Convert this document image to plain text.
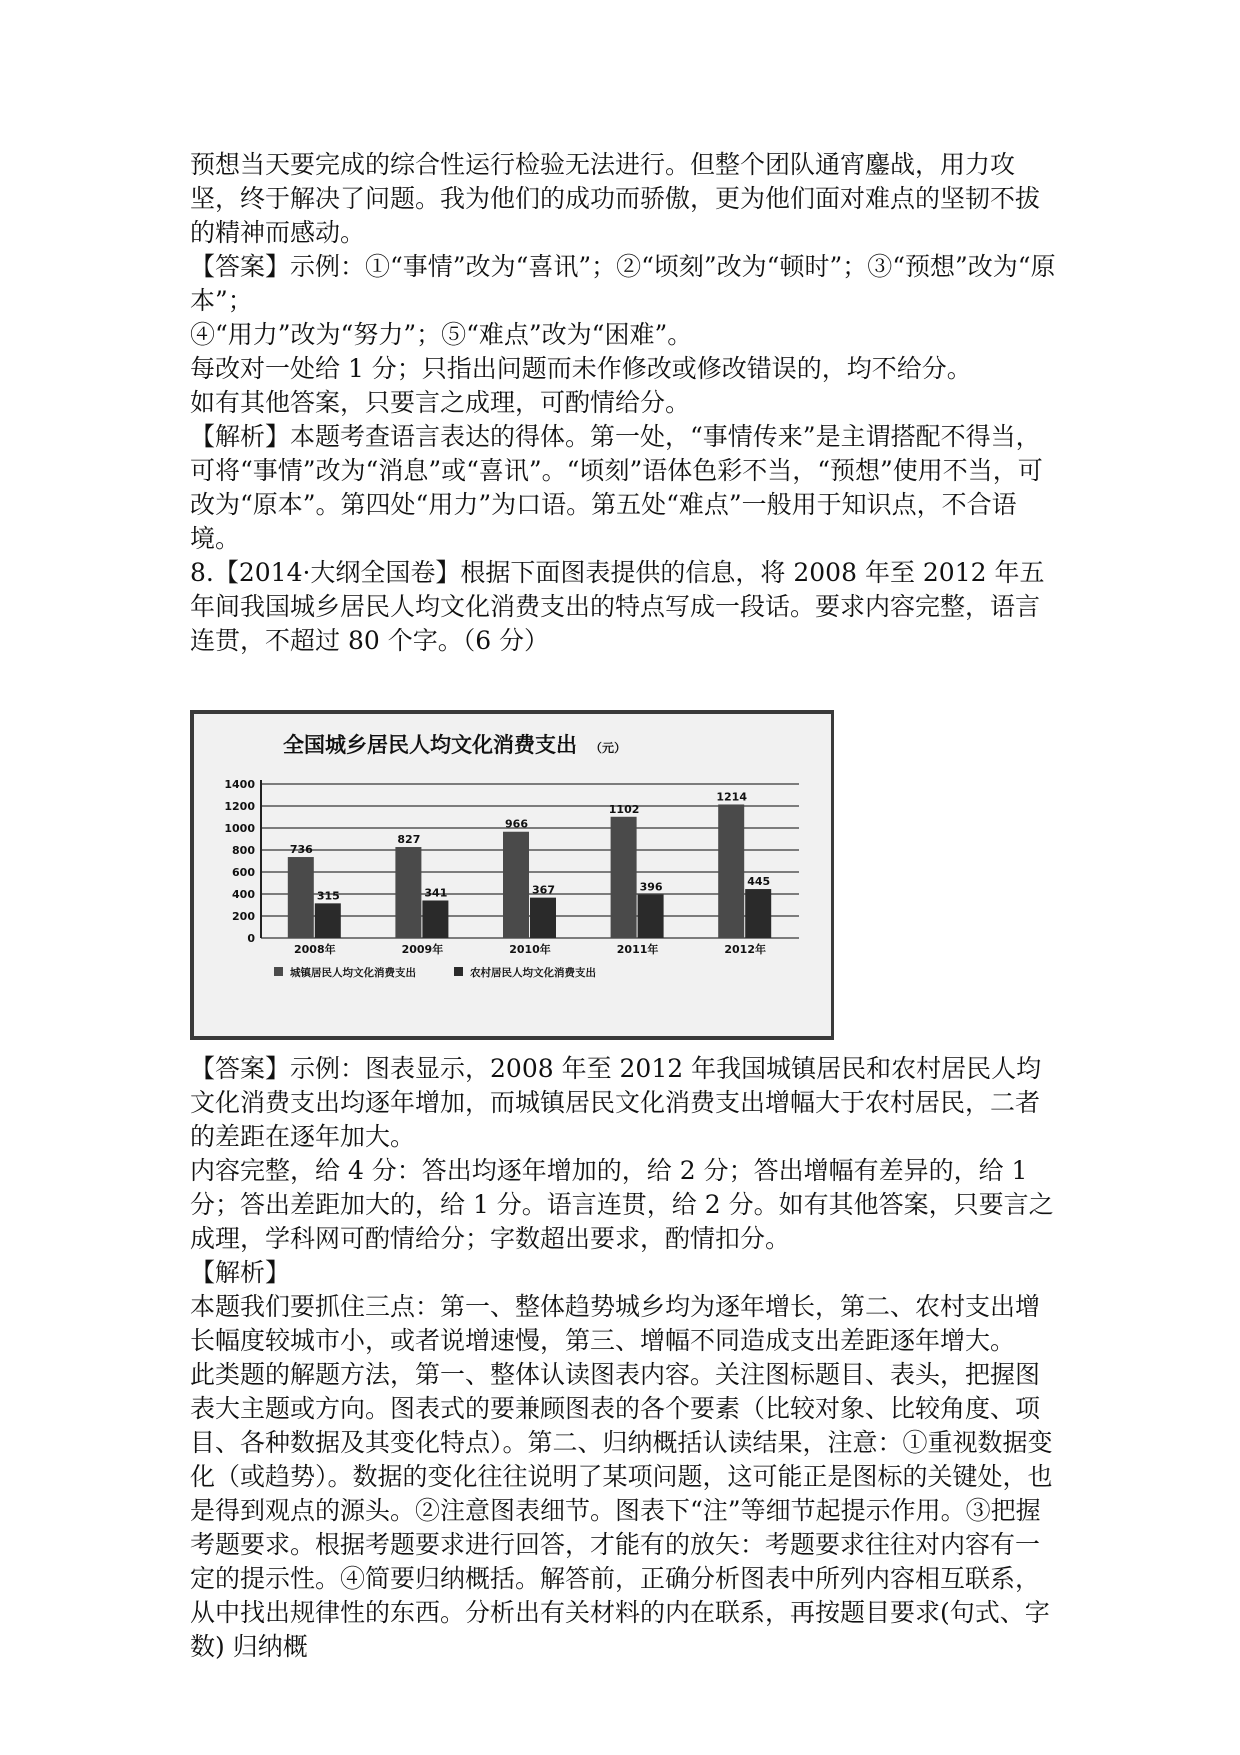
预想当天要完成的综合性运行检验无法进行。但整个团队通宵鏖战，用力攻坚，终于解决了问题。我为他们的成功而骄傲，更为他们面对难点的坚韧不拔的精神而感动。

【答案】示例：①“事情”改为“喜讯”；②“顷刻”改为“顿时”；③“预想”改为“原本”；

④“用力”改为“努力”；⑤“难点”改为“困难”。

每改对一处给 1 分；只指出问题而未作修改或修改错误的，均不给分。

如有其他答案，只要言之成理，可酌情给分。

【解析】本题考查语言表达的得体。第一处，“事情传来”是主谓搭配不得当，可将“事情”改为“消息”或“喜讯”。“顷刻”语体色彩不当，“预想”使用不当，可改为“原本”。第四处“用力”为口语。第五处“难点”一般用于知识点，不合语境。

8.【2014·大纲全国卷】根据下面图表提供的信息，将 2008 年至 2012 年五年间我国城乡居民人均文化消费支出的特点写成一段话。要求内容完整，语言连贯，不超过 80 个字。（6 分）

全国城乡居民人均文化消费支出 （元）
0
200
400
600
800
1000
1200
1400
736
315
2008年
827
341
2009年
966
367
2010年
1102
396
2011年
1214
445
2012年
城镇居民人均文化消费支出	农村居民人均文化消费支出

【答案】示例：图表显示，2008 年至 2012 年我国城镇居民和农村居民人均文化消费支出均逐年增加，而城镇居民文化消费支出增幅大于农村居民，二者的差距在逐年加大。

内容完整，给 4 分：答出均逐年增加的，给 2 分；答出增幅有差异的，给 1 分；答出差距加大的，给 1 分。语言连贯，给 2 分。如有其他答案，只要言之成理，学科网可酌情给分；字数超出要求，酌情扣分。

【解析】

本题我们要抓住三点：第一、整体趋势城乡均为逐年增长，第二、农村支出增长幅度较城市小，或者说增速慢，第三、增幅不同造成支出差距逐年增大。

此类题的解题方法，第一、整体认读图表内容。关注图标题目、表头，把握图表大主题或方向。图表式的要兼顾图表的各个要素（比较对象、比较角度、项目、各种数据及其变化特点）。第二、归纳概括认读结果，注意：①重视数据变化（或趋势）。数据的变化往往说明了某项问题，这可能正是图标的关键处，也是得到观点的源头。②注意图表细节。图表下“注”等细节起提示作用。③把握考题要求。根据考题要求进行回答，才能有的放矢：考题要求往往对内容有一定的提示性。④简要归纳概括。解答前，正确分析图表中所列内容相互联系，从中找出规律性的东西。分析出有关材料的内在联系，再按题目要求(句式、字数) 归纳概
